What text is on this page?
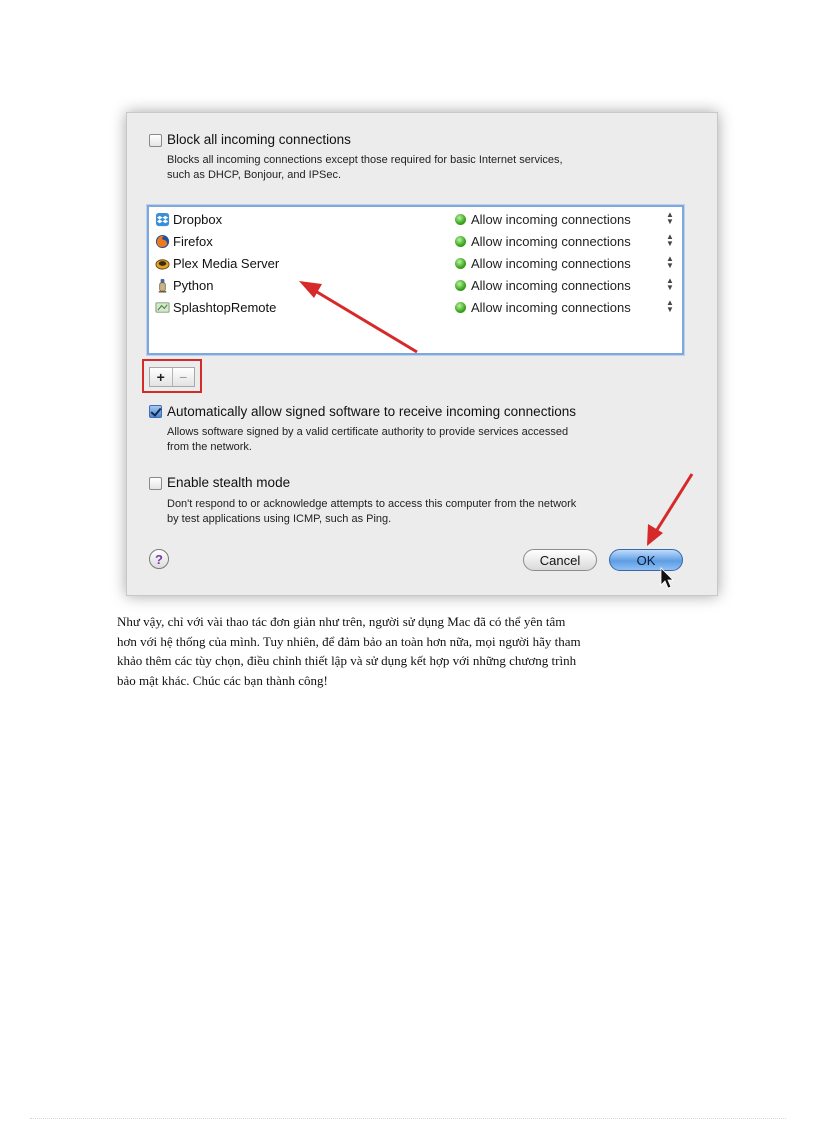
Block all incoming connections
Blocks all incoming connections except those required for basic Internet services,
such as DHCP, Bonjour, and IPSec.
Dropbox	Allow incoming connections	▲
▼
Firefox	Allow incoming connections	▲
▼
Plex Media Server	Allow incoming connections	▲
▼
Python	Allow incoming connections	▲
▼
SplashtopRemote	Allow incoming connections	▲
▼
+	−
Automatically allow signed software to receive incoming connections
Allows software signed by a valid certificate authority to provide services accessed
from the network.
Enable stealth mode
Don't respond to or acknowledge attempts to access this computer from the network
by test applications using ICMP, such as Ping.
?	Cancel	OK
Như vậy, chỉ với vài thao tác đơn giản như trên, người sử dụng Mac đã có thể yên tâm
hơn với hệ thống của mình. Tuy nhiên, để đảm bảo an toàn hơn nữa, mọi người hãy tham
khảo thêm các tùy chọn, điều chỉnh thiết lập và sử dụng kết hợp với những chương trình
bảo mật khác. Chúc các bạn thành công!
